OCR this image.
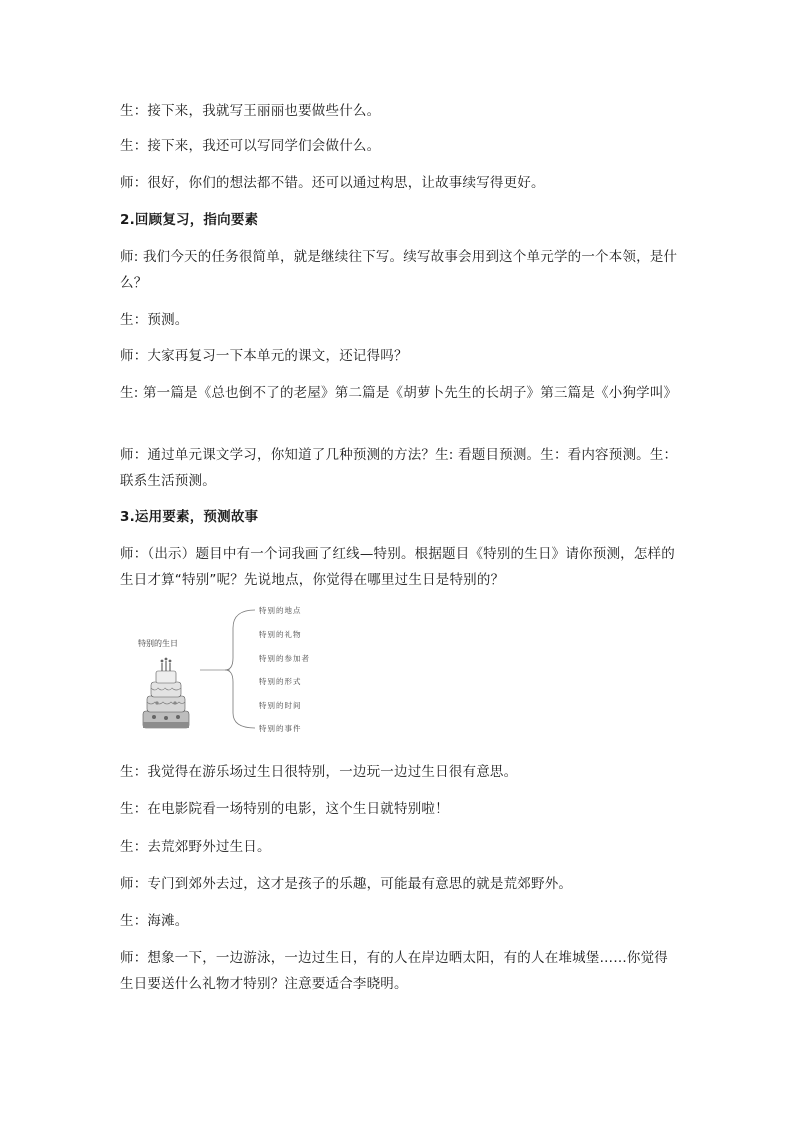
生：接下来，我就写王丽丽也要做些什么。

生：接下来，我还可以写同学们会做什么。

师：很好，你们的想法都不错。还可以通过构思，让故事续写得更好。

2.回顾复习，指向要素

师: 我们今天的任务很简单，就是继续往下写。续写故事会用到这个单元学的一个本领，是什么？

生：预测。

师：大家再复习一下本单元的课文，还记得吗？

生: 第一篇是《总也倒不了的老屋》第二篇是《胡萝卜先生的长胡子》第三篇是《小狗学叫》

师：通过单元课文学习，你知道了几种预测的方法？生: 看题目预测。生：看内容预测。生：联系生活预测。

3.运用要素，预测故事

师：（出示）题目中有一个词我画了红线—特别。根据题目《特别的生日》请你预测，怎样的生日才算“特别”呢？先说地点，你觉得在哪里过生日是特别的？

特别的生日
特别的地点
特别的礼物
特别的参加者
特别的形式
特别的时间
特别的事件

生：我觉得在游乐场过生日很特别，一边玩一边过生日很有意思。

生：在电影院看一场特别的电影，这个生日就特别啦！

生：去荒郊野外过生日。

师：专门到郊外去过，这才是孩子的乐趣，可能最有意思的就是荒郊野外。

生：海滩。

师：想象一下，一边游泳，一边过生日，有的人在岸边晒太阳，有的人在堆城堡……你觉得生日要送什么礼物才特别？注意要适合李晓明。
